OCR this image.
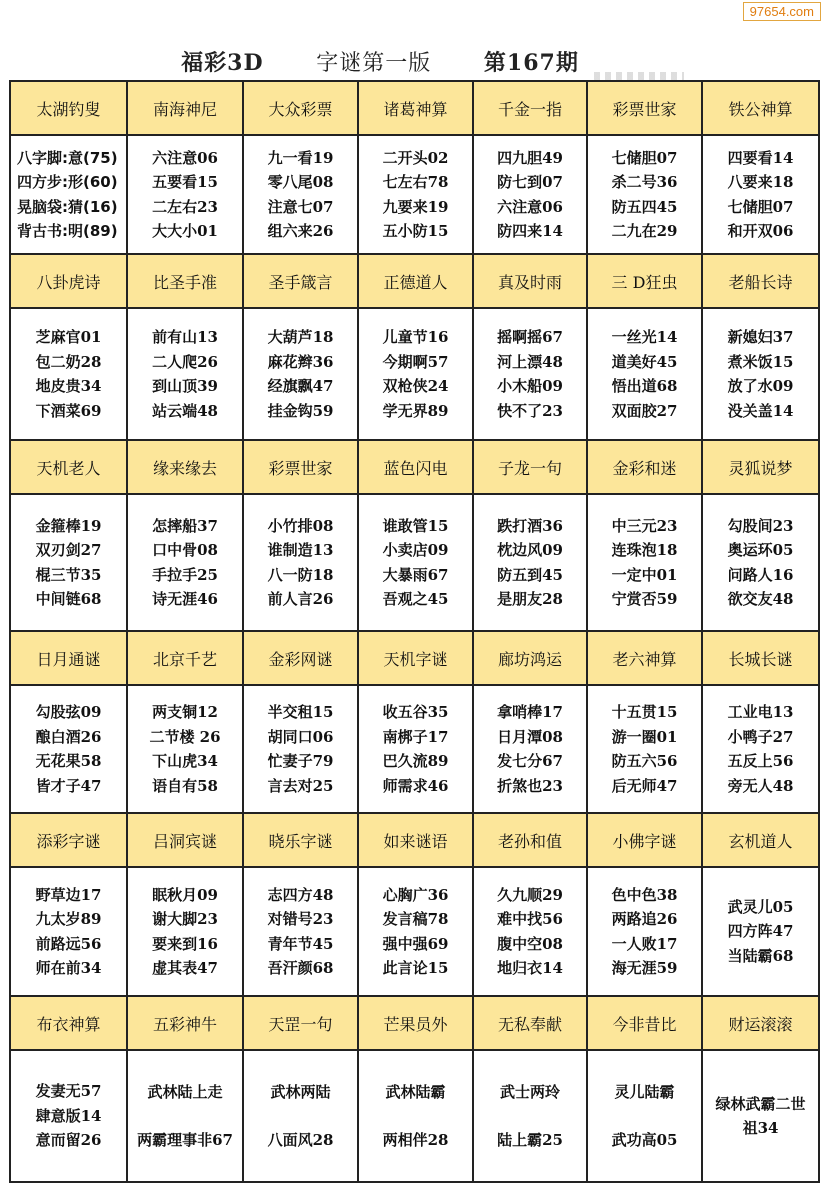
97654.com
福彩3D 字谜第一版 第167期
太湖钓叟	南海神尼	大众彩票	诸葛神算	千金一指	彩票世家	铁公神算

八字脚:意(75)
四方步:形(60)
晃脑袋:猜(16)
背古书:明(89)	六注意06
五要看15
二左右23
大大小01	九一看19
零八尾08
注意七07
组六来26	二开头02
七左右78
九要来19
五小防15	四九胆49
防七到07
六注意06
防四来14	七储胆07
杀二号36
防五四45
二九在29	四要看14
八要来18
七储胆07
和开双06

八卦虎诗	比圣手准	圣手箴言	正德道人	真及时雨	三 D狂虫	老船长诗

芝麻官01
包二奶28
地皮贵34
下酒菜69	前有山13
二人爬26
到山顶39
站云端48	大葫芦18
麻花辫36
经旗飘47
挂金钩59	儿童节16
今期啊57
双枪侠24
学无界89	摇啊摇67
河上漂48
小木船09
快不了23	一丝光14
道美好45
悟出道68
双面胶27	新媳妇37
煮米饭15
放了水09
没关盖14

天机老人	缘来缘去	彩票世家	蓝色闪电	子龙一句	金彩和迷	灵狐说梦

金箍棒19
双刃剑27
棍三节35
中间链68	怎摔船37
口中骨08
手拉手25
诗无涯46	小竹排08
谁制造13
八一防18
前人言26	谁敢管15
小卖店09
大暴雨67
吾观之45	跌打酒36
枕边风09
防五到45
是朋友28	中三元23
连珠泡18
一定中01
宁赏否59	勾股间23
奥运环05
问路人16
欲交友48

日月通谜	北京千艺	金彩网谜	天机字谜	廊坊鸿运	老六神算	长城长谜

勾股弦09
酿白酒26
无花果58
皆才子47	两支铜12
二节楼 26
下山虎34
语自有58	半交租15
胡同口06
忙妻子79
言去对25	收五谷35
南梆子17
巴久流89
师需求46	拿哨棒17
日月潭08
发七分67
折煞也23	十五贯15
游一圈01
防五六56
后无师47	工业电13
小鸭子27
五反上56
旁无人48

添彩字谜	吕洞宾谜	晓乐字谜	如来谜语	老孙和值	小佛字谜	玄机道人

野草边17
九太岁89
前路远56
师在前34	眠秋月09
谢大脚23
要来到16
虚其表47	志四方48
对错号23
青年节45
吾汗颜68	心胸广36
发言稿78
强中强69
此言论15	久九顺29
难中找56
腹中空08
地归衣14	色中色38
两路追26
一人败17
海无涯59	武灵儿05
四方阵47
当陆霸68

布衣神算	五彩神牛	天罡一句	芒果员外	无私奉献	今非昔比	财运滚滚

发妻无57
肆意版14
意而留26	武林陆上走
两霸理事非67	武林两陆
八面风28	武林陆霸
两相伴28	武士两玲
陆上霸25	灵儿陆霸
武功高05	绿林武霸二世祖34
